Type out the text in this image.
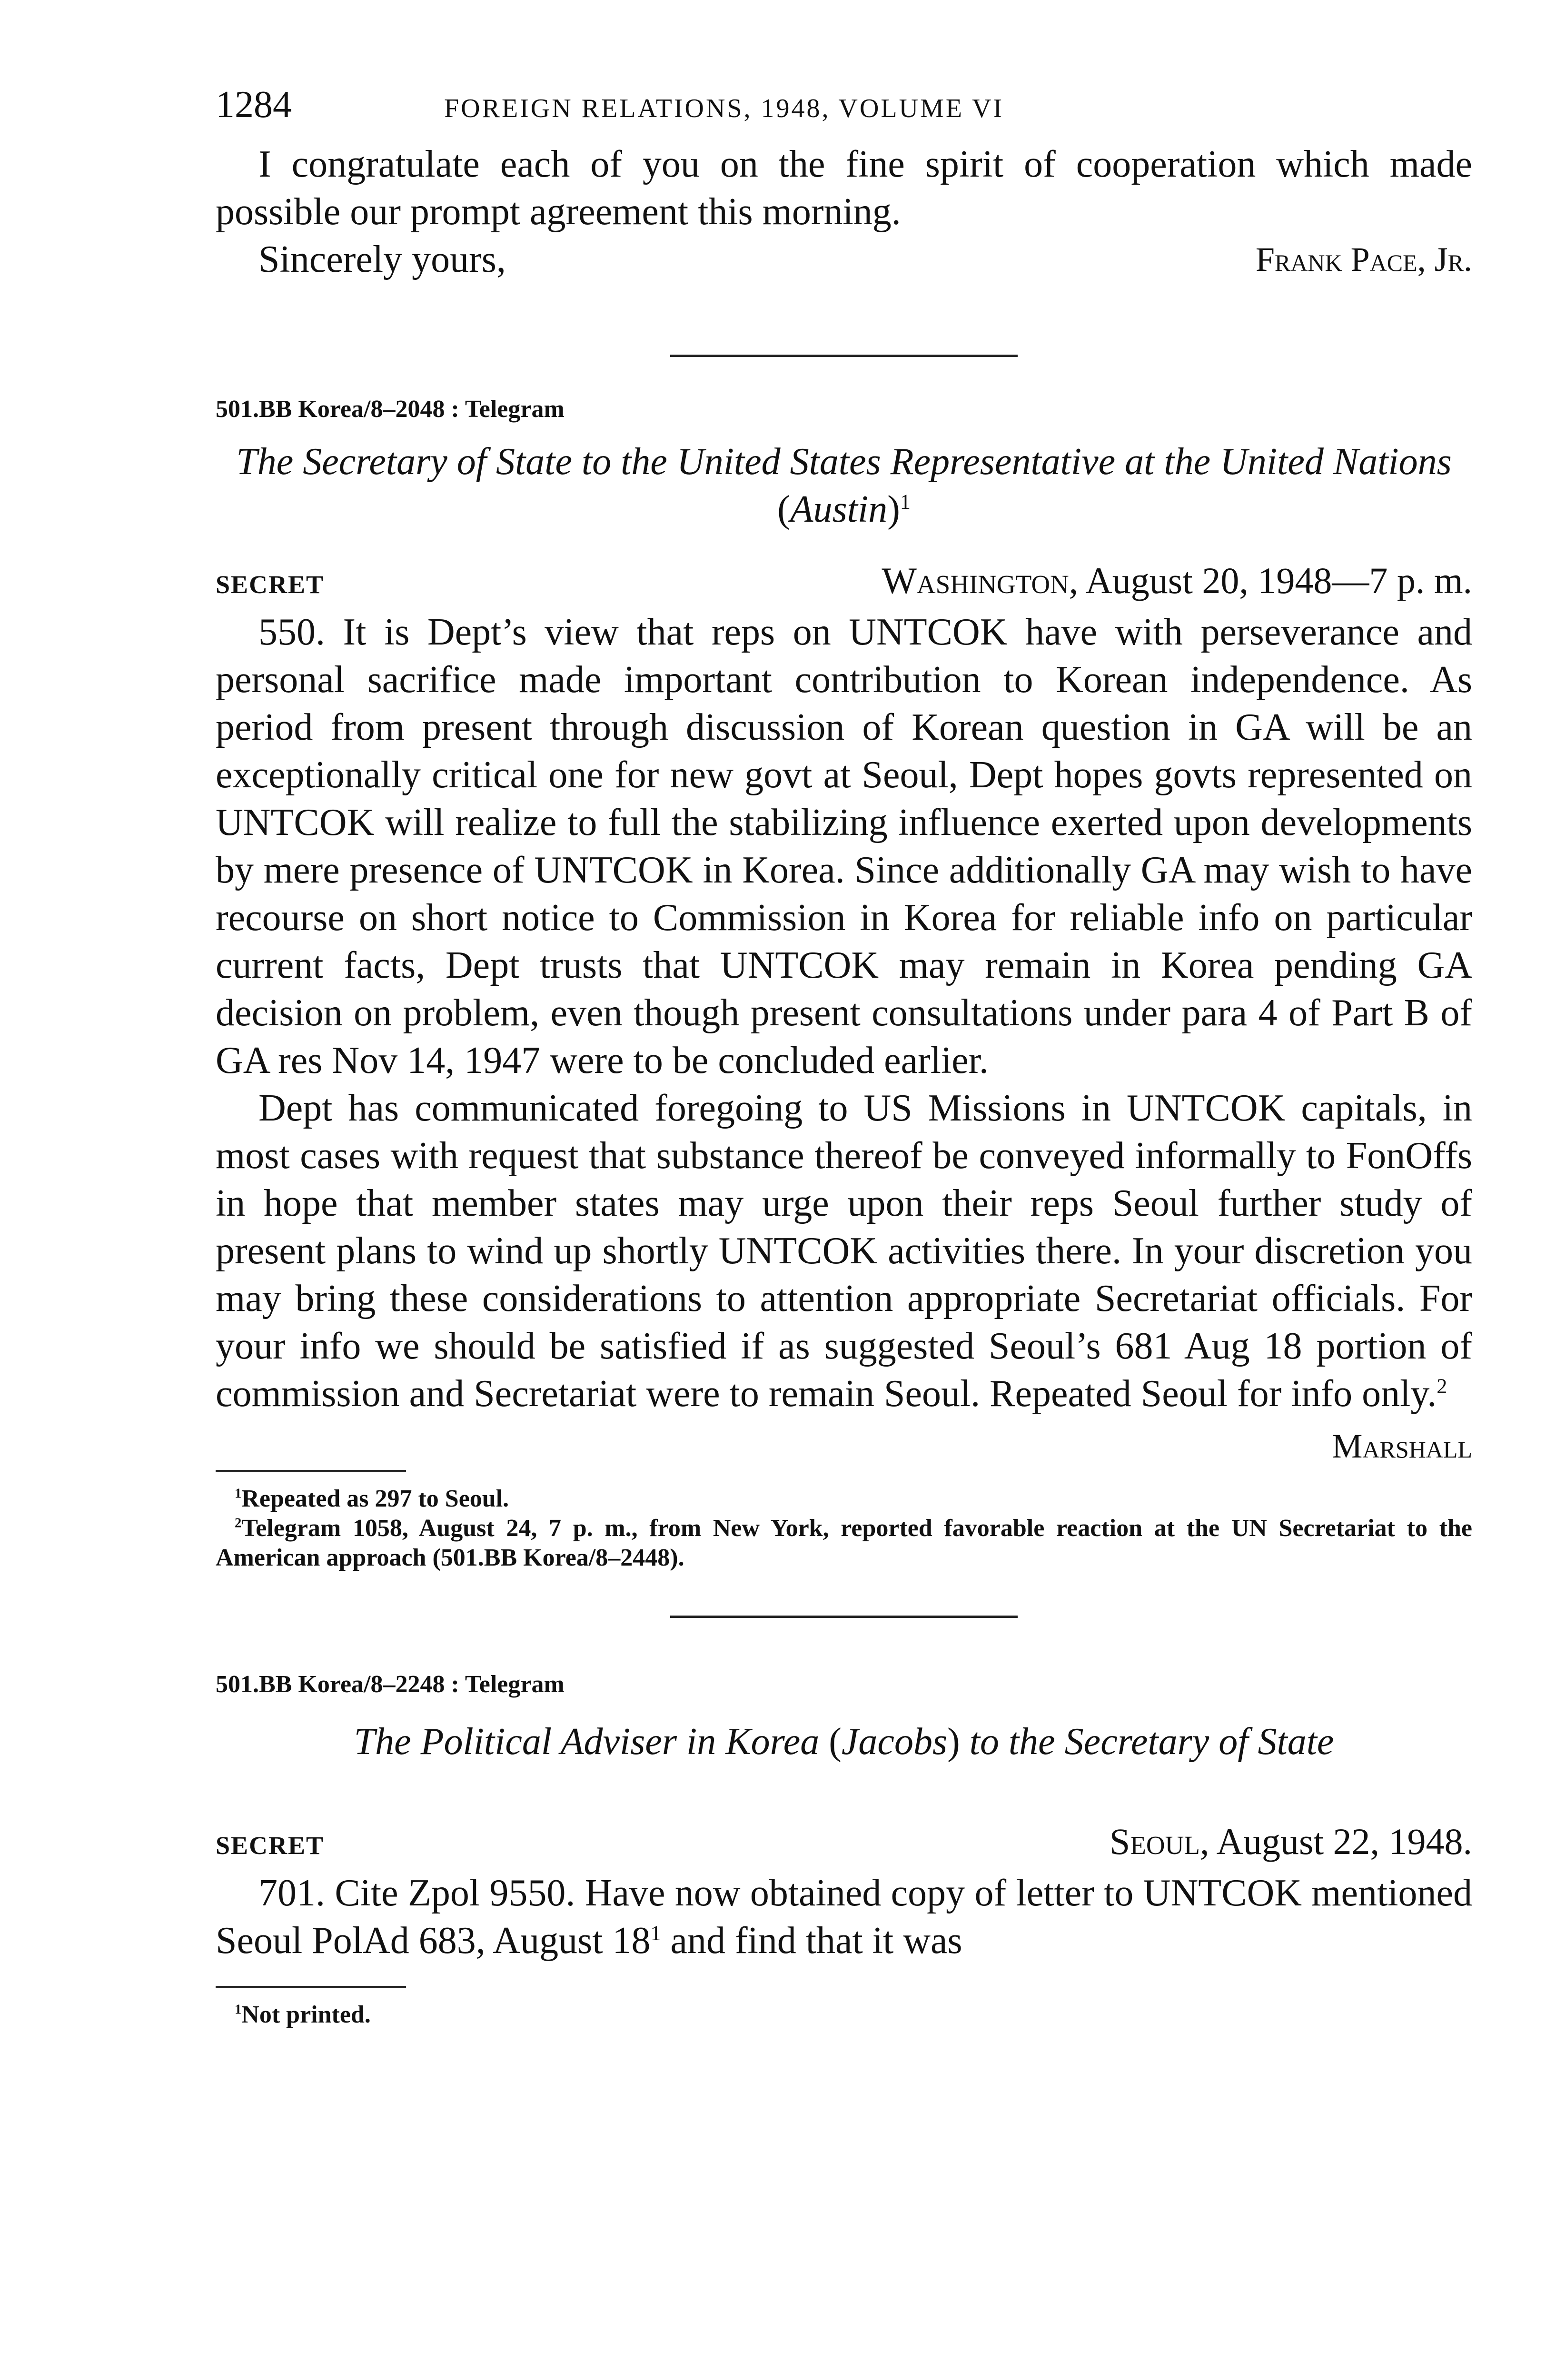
1284	FOREIGN RELATIONS, 1948, VOLUME VI

I congratulate each of you on the fine spirit of cooperation which made possible our prompt agreement this morning.

Sincerely yours,	Frank Pace, Jr.
501.BB Korea/8–2048 : Telegram
The Secretary of State to the United States Representative at the United Nations (Austin)$^1$
SECRET	Washington, August 20, 1948—7 p. m.

550. It is Dept’s view that reps on UNTCOK have with perseverance and personal sacrifice made important contribution to Korean independence. As period from present through discussion of Korean question in GA will be an exceptionally critical one for new govt at Seoul, Dept hopes govts represented on UNTCOK will realize to full the stabilizing influence exerted upon developments by mere presence of UNTCOK in Korea. Since additionally GA may wish to have recourse on short notice to Commission in Korea for reliable info on particular current facts, Dept trusts that UNTCOK may remain in Korea pending GA decision on problem, even though present consultations under para 4 of Part B of GA res Nov 14, 1947 were to be concluded earlier.

Dept has communicated foregoing to US Missions in UNTCOK capitals, in most cases with request that substance thereof be conveyed informally to FonOffs in hope that member states may urge upon their reps Seoul further study of present plans to wind up shortly UNTCOK activities there. In your discretion you may bring these considerations to attention appropriate Secretariat officials. For your info we should be satisfied if as suggested Seoul’s 681 Aug 18 portion of commission and Secretariat were to remain Seoul. Repeated Seoul for info only.$^2$

Marshall

$^1$Repeated as 297 to Seoul.

$^2$Telegram 1058, August 24, 7 p. m., from New York, reported favorable reaction at the UN Secretariat to the American approach (501.BB Korea/8–2448).

501.BB Korea/8–2248 : Telegram
The Political Adviser in Korea (Jacobs) to the Secretary of State
SECRET	Seoul, August 22, 1948.

701. Cite Zpol 9550. Have now obtained copy of letter to UNTCOK mentioned Seoul PolAd 683, August $18^1$ and find that it was

$^1$Not printed.
